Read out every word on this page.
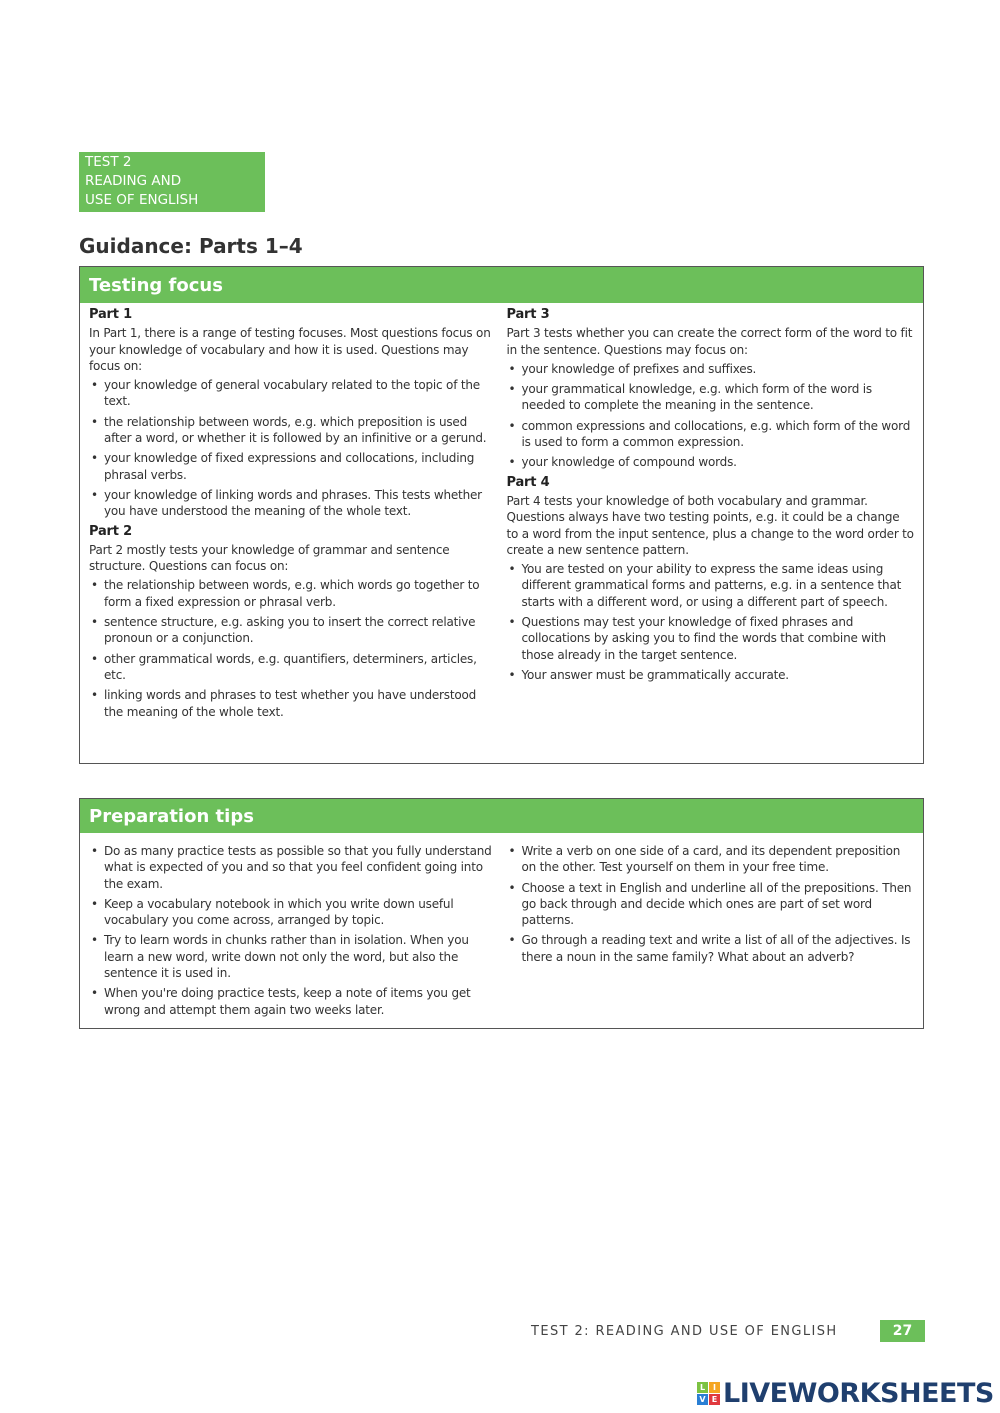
TEST 2
READING AND
USE OF ENGLISH
Guidance: Parts 1–4
Testing focus
Part 1

In Part 1, there is a range of testing focuses. Most questions focus on your knowledge of vocabulary and how it is used. Questions may focus on:

• your knowledge of general vocabulary related to the topic of the text.
• the relationship between words, e.g. which preposition is used after a word, or whether it is followed by an infinitive or a gerund.
• your knowledge of fixed expressions and collocations, including phrasal verbs.
• your knowledge of linking words and phrases. This tests whether you have understood the meaning of the whole text.
Part 2

Part 2 mostly tests your knowledge of grammar and sentence structure. Questions can focus on:

• the relationship between words, e.g. which words go together to form a fixed expression or phrasal verb.
• sentence structure, e.g. asking you to insert the correct relative pronoun or a conjunction.
• other grammatical words, e.g. quantifiers, determiners, articles, etc.
• linking words and phrases to test whether you have understood the meaning of the whole text.
Part 3

Part 3 tests whether you can create the correct form of the word to fit in the sentence. Questions may focus on:

• your knowledge of prefixes and suffixes.
• your grammatical knowledge, e.g. which form of the word is needed to complete the meaning in the sentence.
• common expressions and collocations, e.g. which form of the word is used to form a common expression.
• your knowledge of compound words.
Part 4

Part 4 tests your knowledge of both vocabulary and grammar. Questions always have two testing points, e.g. it could be a change to a word from the input sentence, plus a change to the word order to create a new sentence pattern.

• You are tested on your ability to express the same ideas using different grammatical forms and patterns, e.g. in a sentence that starts with a different word, or using a different part of speech.
• Questions may test your knowledge of fixed phrases and collocations by asking you to find the words that combine with those already in the target sentence.
• Your answer must be grammatically accurate.
Preparation tips
• Do as many practice tests as possible so that you fully understand what is expected of you and so that you feel confident going into the exam.
• Keep a vocabulary notebook in which you write down useful vocabulary you come across, arranged by topic.
• Try to learn words in chunks rather than in isolation. When you learn a new word, write down not only the word, but also the sentence it is used in.
• When you're doing practice tests, keep a note of items you get wrong and attempt them again two weeks later.
• Write a verb on one side of a card, and its dependent preposition on the other. Test yourself on them in your free time.
• Choose a text in English and underline all of the prepositions. Then go back through and decide which ones are part of set word patterns.
• Go through a reading text and write a list of all of the adjectives. Is there a noun in the same family? What about an adverb?
TEST 2: READING AND USE OF ENGLISH	27
L I
V E LIVEWORKSHEETS
